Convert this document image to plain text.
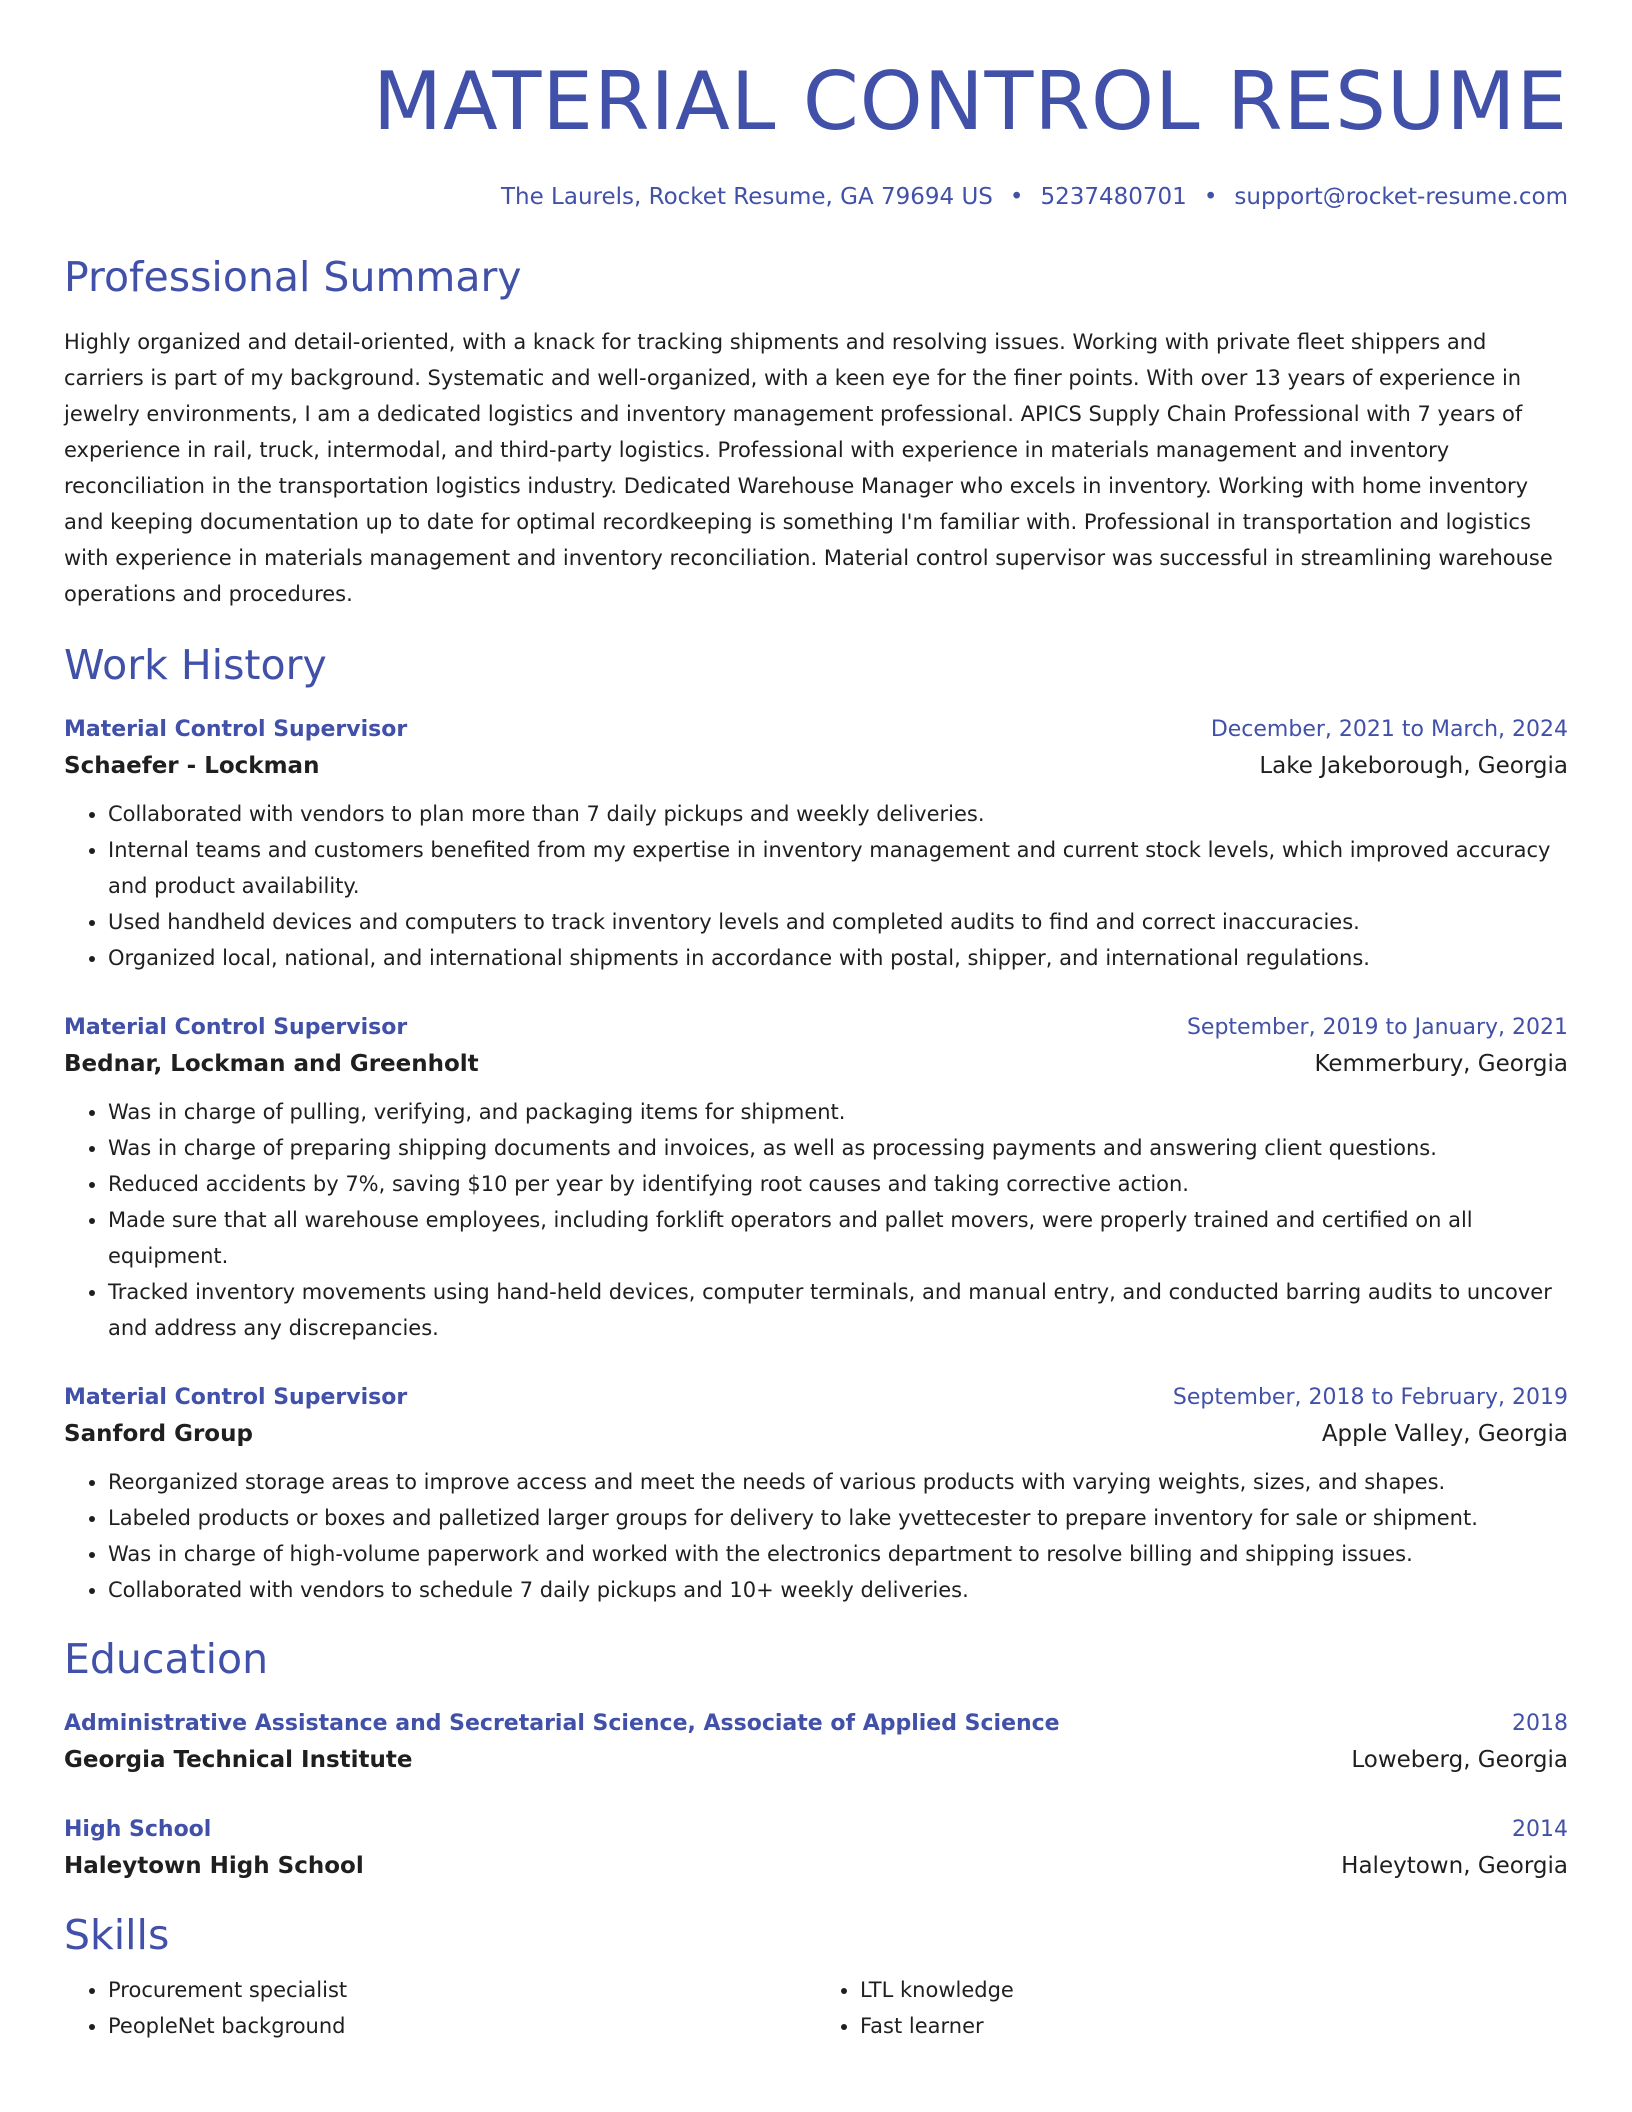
MATERIAL CONTROL RESUME
The Laurels, Rocket Resume, GA 79694 US • 5237480701 • support@rocket-resume.com
Professional Summary

Highly organized and detail-oriented, with a knack for tracking shipments and resolving issues. Working with private fleet shippers and carriers is part of my background. Systematic and well-organized, with a keen eye for the finer points. With over 13 years of experience in jewelry environments, I am a dedicated logistics and inventory management professional. APICS Supply Chain Professional with 7 years of experience in rail, truck, intermodal, and third-party logistics. Professional with experience in materials management and inventory reconciliation in the transportation logistics industry. Dedicated Warehouse Manager who excels in inventory. Working with home inventory and keeping documentation up to date for optimal recordkeeping is something I'm familiar with. Professional in transportation and logistics with experience in materials management and inventory reconciliation. Material control supervisor was successful in streamlining warehouse operations and procedures.

Work History
Material Control Supervisor	December, 2021 to March, 2024
Schaefer - Lockman	Lake Jakeborough, Georgia
• Collaborated with vendors to plan more than 7 daily pickups and weekly deliveries.
• Internal teams and customers benefited from my expertise in inventory management and current stock levels, which improved accuracy and product availability.
• Used handheld devices and computers to track inventory levels and completed audits to find and correct inaccuracies.
• Organized local, national, and international shipments in accordance with postal, shipper, and international regulations.
Material Control Supervisor	September, 2019 to January, 2021
Bednar, Lockman and Greenholt	Kemmerbury, Georgia
• Was in charge of pulling, verifying, and packaging items for shipment.
• Was in charge of preparing shipping documents and invoices, as well as processing payments and answering client questions.
• Reduced accidents by 7%, saving $10 per year by identifying root causes and taking corrective action.
• Made sure that all warehouse employees, including forklift operators and pallet movers, were properly trained and certified on all equipment.
• Tracked inventory movements using hand-held devices, computer terminals, and manual entry, and conducted barring audits to uncover and address any discrepancies.
Material Control Supervisor	September, 2018 to February, 2019
Sanford Group	Apple Valley, Georgia
• Reorganized storage areas to improve access and meet the needs of various products with varying weights, sizes, and shapes.
• Labeled products or boxes and palletized larger groups for delivery to lake yvettecester to prepare inventory for sale or shipment.
• Was in charge of high-volume paperwork and worked with the electronics department to resolve billing and shipping issues.
• Collaborated with vendors to schedule 7 daily pickups and 10+ weekly deliveries.
Education
Administrative Assistance and Secretarial Science, Associate of Applied Science	2018
Georgia Technical Institute	Loweberg, Georgia
High School	2014
Haleytown High School	Haleytown, Georgia
Skills
• Procurement specialist
• PeopleNet background
• LTL knowledge
• Fast learner
